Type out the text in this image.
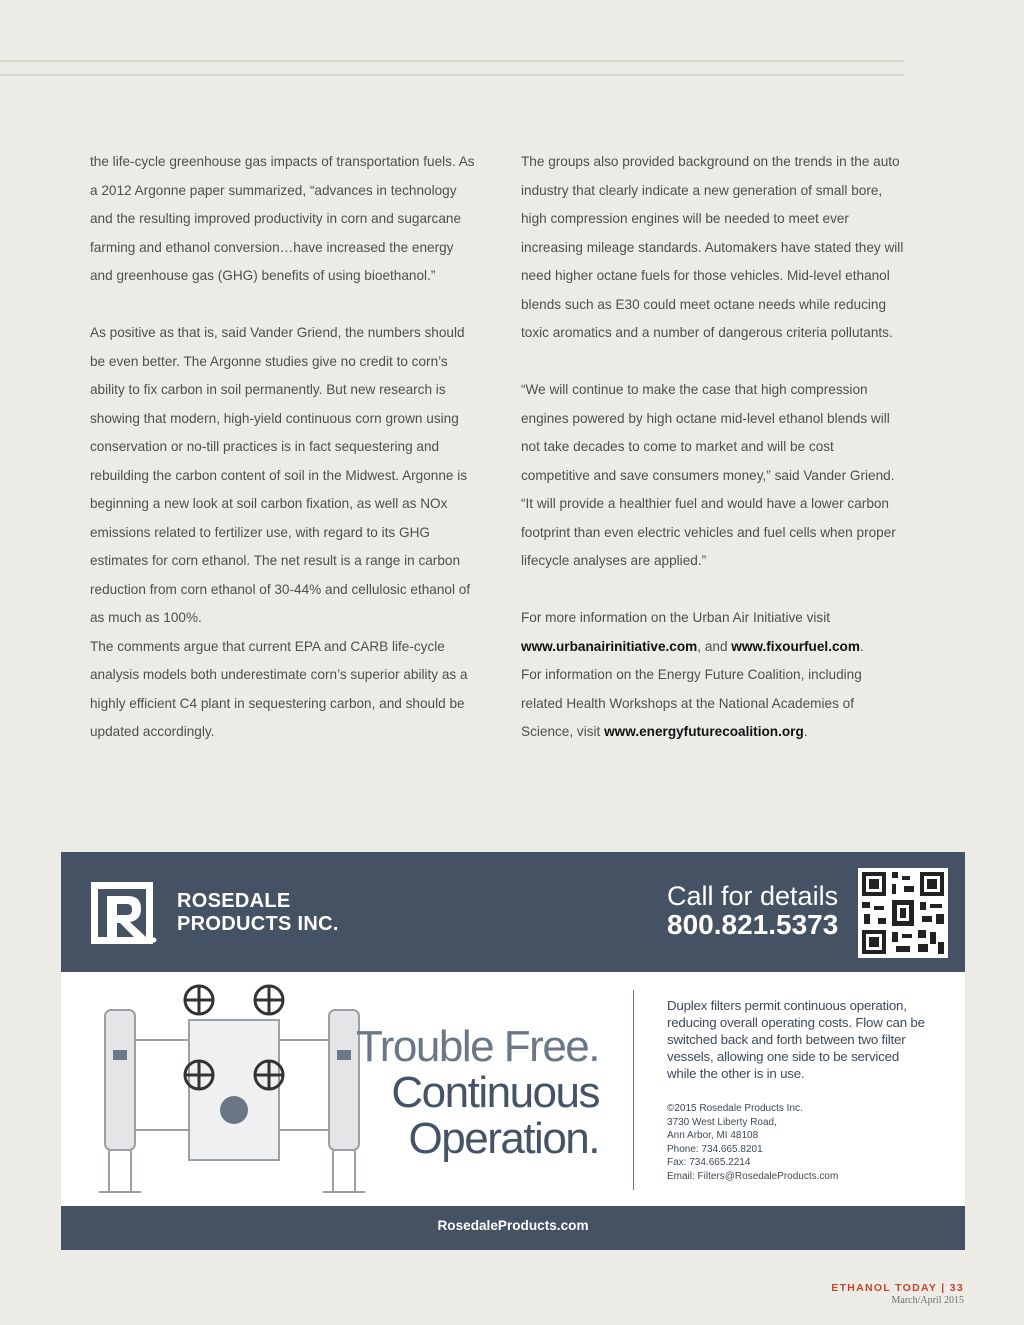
the life-cycle greenhouse gas impacts of transportation fuels. As a 2012 Argonne paper summarized, “advances in technology and the resulting improved productivity in corn and sugarcane farming and ethanol conversion…have increased the energy and greenhouse gas (GHG) benefits of using bioethanol.”

As positive as that is, said Vander Griend, the numbers should be even better. The Argonne studies give no credit to corn’s ability to fix carbon in soil permanently. But new research is showing that modern, high-yield continuous corn grown using conservation or no-till practices is in fact sequestering and rebuilding the carbon content of soil in the Midwest. Argonne is beginning a new look at soil carbon fixation, as well as NOx emissions related to fertilizer use, with regard to its GHG estimates for corn ethanol. The net result is a range in carbon reduction from corn ethanol of 30-44% and cellulosic ethanol of as much as 100%.

The comments argue that current EPA and CARB life-cycle analysis models both underestimate corn’s superior ability as a highly efficient C4 plant in sequestering carbon, and should be updated accordingly.

The groups also provided background on the trends in the auto industry that clearly indicate a new generation of small bore, high compression engines will be needed to meet ever increasing mileage standards. Automakers have stated they will need higher octane fuels for those vehicles. Mid-level ethanol blends such as E30 could meet octane needs while reducing toxic aromatics and a number of dangerous criteria pollutants.

“We will continue to make the case that high compression engines powered by high octane mid-level ethanol blends will not take decades to come to market and will be cost competitive and save consumers money,” said Vander Griend. “It will provide a healthier fuel and would have a lower carbon footprint than even electric vehicles and fuel cells when proper lifecycle analyses are applied.”

For more information on the Urban Air Initiative visit www.urbanairinitiative.com, and www.fixourfuel.com.

For information on the Energy Future Coalition, including related Health Workshops at the National Academies of Science, visit www.energyfuturecoalition.org.

ROSEDALE
PRODUCTS INC.
Call for details
800.821.5373
Trouble Free.
Continuous
Operation.
Duplex filters permit continuous operation, reducing overall operating costs. Flow can be switched back and forth between two filter vessels, allowing one side to be serviced while the other is in use.
©2015 Rosedale Products Inc.
3730 West Liberty Road,
Ann Arbor, MI 48108
Phone: 734.665.8201
Fax: 734.665.2214
Email: Filters@RosedaleProducts.com
RosedaleProducts.com
ETHANOL TODAY | 33
March/April 2015
